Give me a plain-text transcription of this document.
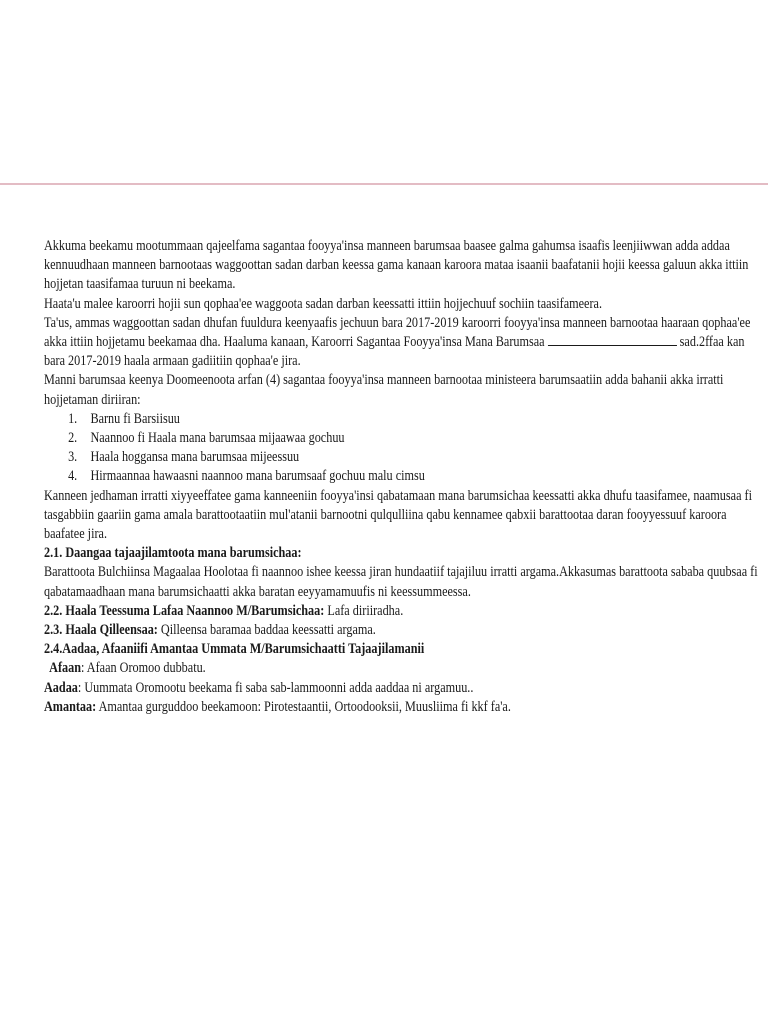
Akkuma beekamu mootummaan qajeelfama sagantaa fooyya'insa manneen barumsaa baasee galma gahumsa isaafis leenjiiwwan adda addaa kennuudhaan manneen barnootaas waggoottan sadan darban keessa gama kanaan karoora mataa isaanii baafatanii hojii keessa galuun akka ittiin hojjetan taasifamaa turuun ni beekama.

Haata'u malee karoorri hojii sun qophaa'ee waggoota sadan darban keessatti ittiin hojjechuuf sochiin taasifameera.

Ta'us, ammas waggoottan sadan dhufan fuuldura keenyaafis jechuun bara 2017-2019 karoorri fooyya'insa manneen barnootaa haaraan qophaa'ee akka ittiin hojjetamu beekamaa dha. Haaluma kanaan, Karoorri Sagantaa Fooyya'insa Mana Barumsaa	sad.2ffaa kan bara 2017-2019 haala armaan gadiitiin qophaa'e jira.

Manni barumsaa keenya Doomeenoota arfan (4) sagantaa fooyya'insa manneen barnootaa ministeera barumsaatiin adda bahanii akka irratti hojjetaman diriiran:

1. Barnu fi Barsiisuu
2. Naannoo fi Haala mana barumsaa mijaawaa gochuu
3. Haala hoggansa mana barumsaa mijeessuu
4. Hirmaannaa hawaasni naannoo mana barumsaaf gochuu malu cimsu

Kanneen jedhaman irratti xiyyeeffatee gama kanneeniin fooyya'insi qabatamaan mana barumsichaa keessatti akka dhufu taasifamee, naamusaa fi tasgabbiin gaariin gama amala barattootaatiin mul'atanii barnootni qulqulliina qabu kennamee qabxii barattootaa daran fooyyessuuf karoora baafatee jira.

2.1. Daangaa tajaajilamtoota mana barumsichaa:

Barattoota Bulchiinsa Magaalaa Hoolotaa fi naannoo ishee keessa jiran hundaatiif tajajiluu irratti argama.Akkasumas barattoota sababa quubsaa fi qabatamaadhaan mana barumsichaatti akka baratan eeyyamamuufis ni keessummeessa.

2.2. Haala Teessuma Lafaa Naannoo M/Barumsichaa: Lafa diriiradha.

2.3. Haala Qilleensaa: Qilleensa baramaa baddaa keessatti argama.

2.4.Aadaa, Afaaniifi Amantaa Ummata M/Barumsichaatti Tajaajilamanii

Afaan: Afaan Oromoo dubbatu.

Aadaa: Uummata Oromootu beekama fi saba sab-lammoonni adda aaddaa ni argamuu..

Amantaa: Amantaa gurguddoo beekamoon: Pirotestaantii, Ortoodooksii, Muusliima fi kkf fa'a.
